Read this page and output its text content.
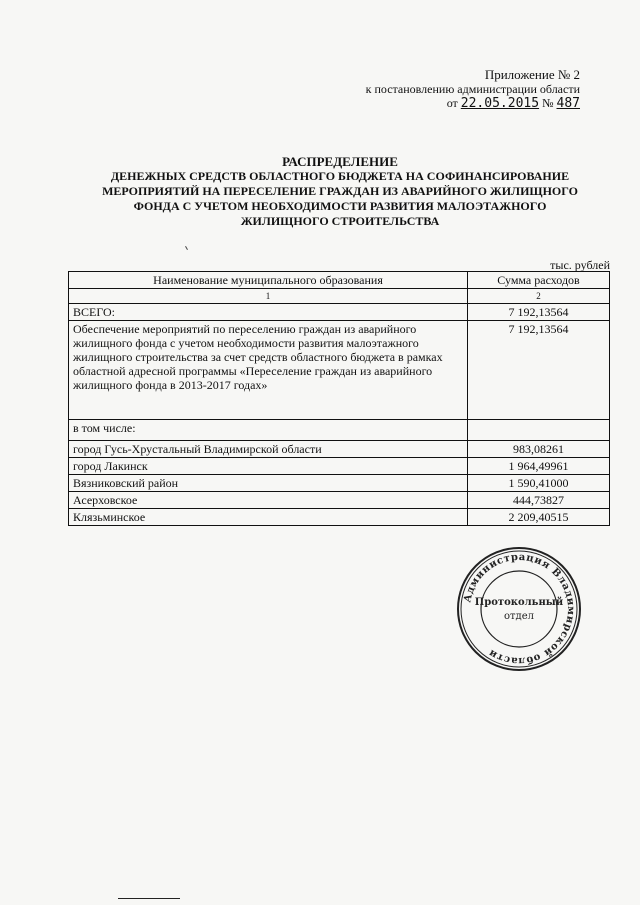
Приложение № 2
к постановлению администрации области
от 22.05.2015 № 487
РАСПРЕДЕЛЕНИЕ
ДЕНЕЖНЫХ СРЕДСТВ ОБЛАСТНОГО БЮДЖЕТА НА СОФИНАНСИРОВАНИЕ
МЕРОПРИЯТИЙ НА ПЕРЕСЕЛЕНИЕ ГРАЖДАН ИЗ АВАРИЙНОГО ЖИЛИЩНОГО
ФОНДА С УЧЕТОМ НЕОБХОДИМОСТИ РАЗВИТИЯ МАЛОЭТАЖНОГО
ЖИЛИЩНОГО СТРОИТЕЛЬСТВА
тыс. рублей
Наименование муниципального образования	Сумма расходов
1	2
ВСЕГО:	7 192,13564
Обеспечение мероприятий по переселению граждан из аварийного жилищного фонда с учетом необходимости развития малоэтажного жилищного строительства за счет средств областного бюджета в рамках областной адресной программы «Переселение граждан из аварийного жилищного фонда в 2013-2017 годах»	7 192,13564
в том числе:	
город Гусь-Хрустальный Владимирской области	983,08261
город Лакинск	1 964,49961
Вязниковский район	1 590,41000
Асерховское	444,73827
Клязьминское	2 209,40515
Администрация Владимирской области
Протокольный
отдел
